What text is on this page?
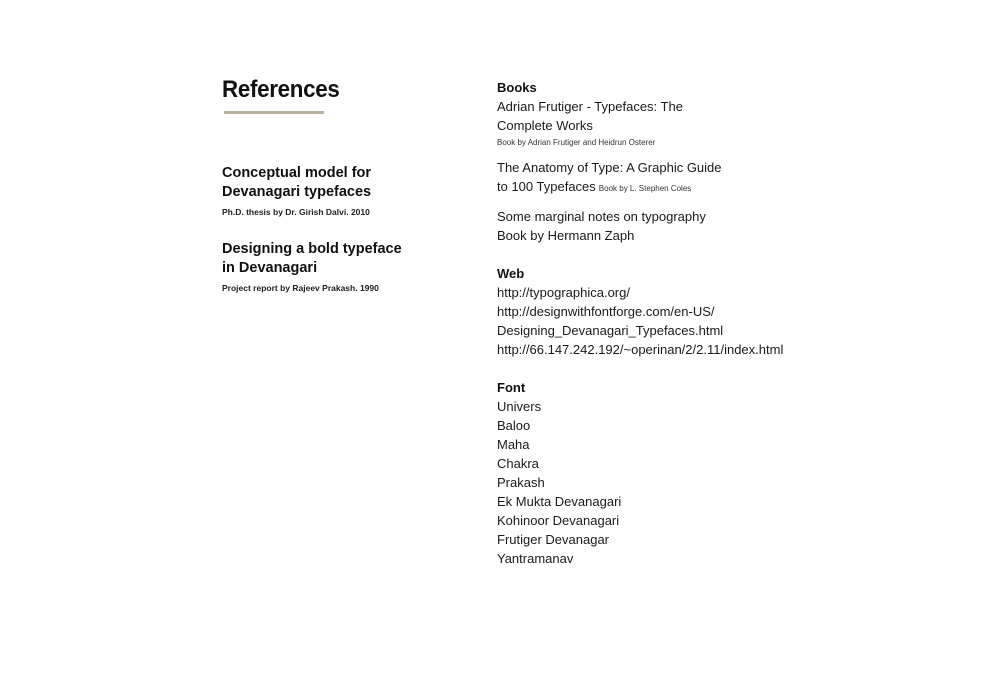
References
Conceptual model for
Devanagari typefaces
Ph.D. thesis by Dr. Girish Dalvi. 2010
Designing a bold typeface
in Devanagari
Project report by Rajeev Prakash. 1990
Books
Adrian Frutiger - Typefaces: The
Complete Works
Book by Adrian Frutiger and Heidrun Osterer
The Anatomy of Type: A Graphic Guide
to 100 Typefaces Book by L. Stephen Coles
Some marginal notes on typography
Book by Hermann Zaph
Web
http://typographica.org/
http://designwithfontforge.com/en-US/
Designing_Devanagari_Typefaces.html
http://66.147.242.192/~operinan/2/2.11/index.html
Font
Univers
Baloo
Maha
Chakra
Prakash
Ek Mukta Devanagari
Kohinoor Devanagari
Frutiger Devanagar
Yantramanav
